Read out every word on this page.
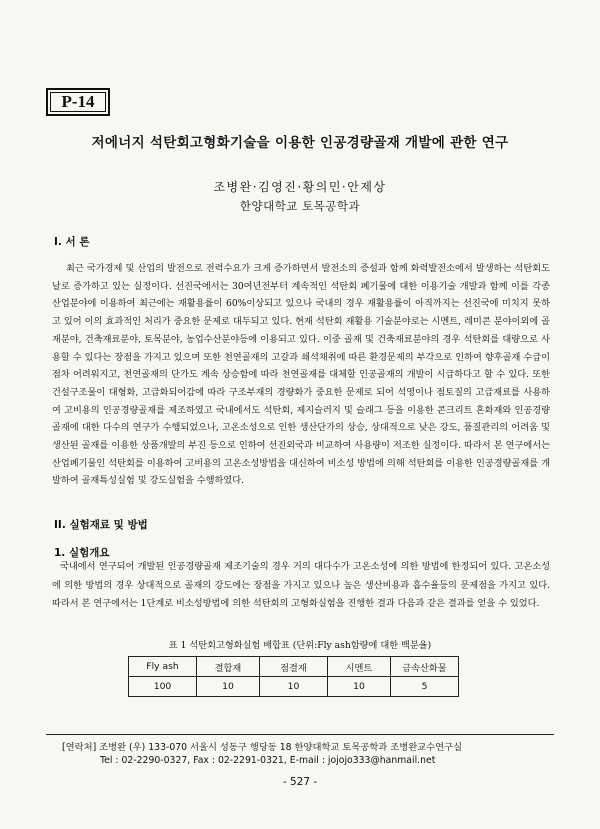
P-14
저에너지 석탄회고형화기술을 이용한 인공경량골재 개발에 관한 연구
조병완·김영진·황의민·안제상
한양대학교 토목공학과
I. 서 론

최근 국가경제 및 산업의 발전으로 전력수요가 크게 증가하면서 발전소의 증설과 함께 화력발전소에서 발생하는 석탄회도 날로 증가하고 있는 실정이다. 선진국에서는 30여년전부터 계속적인 석탄회 폐기물에 대한 이용기술 개발과 함께 이를 각종산업분야에 이용하여 최근에는 재활용률이 60%이상되고 있으나 국내의 경우 재활용률이 아직까지는 선진국에 미치지 못하고 있어 이의 효과적인 처리가 중요한 문제로 대두되고 있다. 현재 석탄회 재활용 기술분야로는 시멘트, 레미콘 분야이외에 골재분야, 건축재료분야, 토목분야, 농업수산분야등에 이용되고 있다. 이중 골재 및 건축재료분야의 경우 석탄회를 대량으로 사용할 수 있다는 장점을 가지고 있으며 또한 천연골재의 고갈과 쇄석채취에 따른 환경문제의 부각으로 인하여 향후골재 수급이 점차 어려워지고, 천연골재의 단가도 계속 상승함에 따라 천연골재를 대체할 인공골재의 개발이 시급하다고 할 수 있다. 또한 건설구조물이 대형화, 고급화되어감에 따라 구조부재의 경량화가 중요한 문제로 되어 석영이나 점토질의 고급재료를 사용하여 고비용의 인공경량골재를 제조하였고 국내에서도 석탄회, 제지슬러지 및 슬래그 등을 이용한 콘크리트 혼화재와 인공경량 골재에 대한 다수의 연구가 수행되었으나, 고온소성으로 인한 생산단가의 상승, 상대적으로 낮은 강도, 품질관리의 어려움 및 생산된 골재를 이용한 상품개발의 부진 등으로 인하여 선진외국과 비교하여 사용량이 저조한 실정이다. 따라서 본 연구에서는 산업폐기물인 석탄회를 이용하여 고비용의 고온소성방법을 대신하여 비소성 방법에 의해 석탄회를 이용한 인공경량골재를 개발하여 골재특성실험 및 강도실험을 수행하였다.

II. 실험재료 및 방법
1. 실험개요

국내에서 연구되어 개발된 인공경량골재 제조기술의 경우 거의 대다수가 고온소성에 의한 방법에 한정되어 있다. 고온소성에 의한 방법의 경우 상대적으로 골재의 강도에는 장점을 가지고 있으나 높은 생산비용과 흡수율등의 문제점을 가지고 있다. 따라서 본 연구에서는 1단계로 비소성방법에 의한 석탄회의 고형화실험을 진행한 결과 다음과 같은 결과를 얻을 수 있었다.

표 1 석탄회고형화실험 배합표 (단위:Fly ash함량에 대한 백분율)
Fly ash	결합재	점결재	시멘트	금속산화물
100	10	10	10	5
[연락처] 조병완 (우) 133-070 서울시 성동구 행당동 18 한양대학교 토목공학과 조병완교수연구실
Tel : 02-2290-0327, Fax : 02-2291-0321, E-mail : jojojo333@hanmail.net
- 527 -
